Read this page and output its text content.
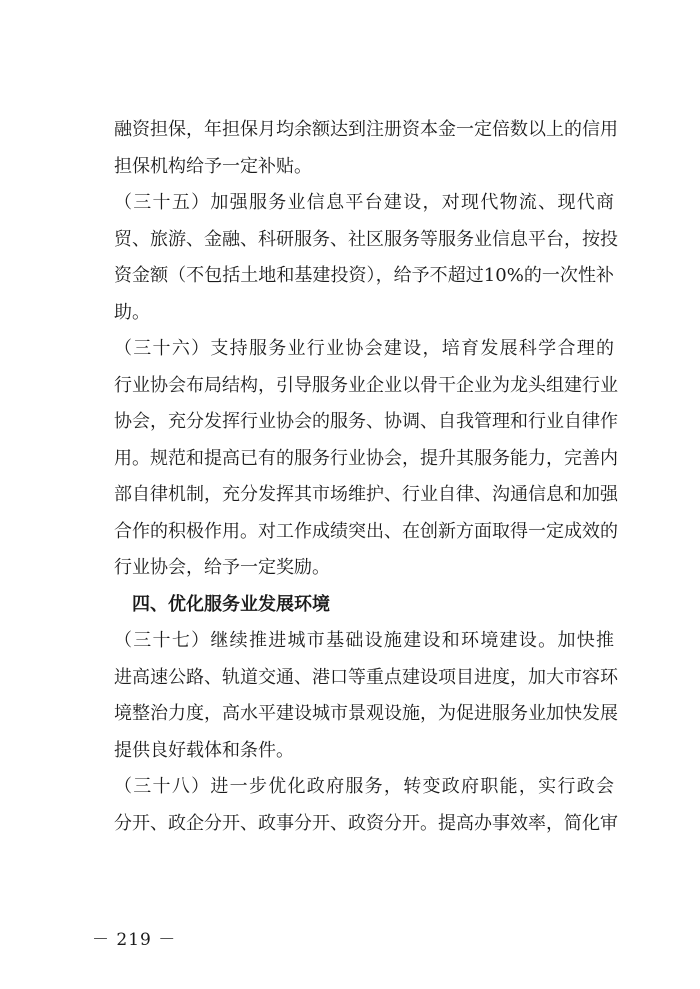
融资担保，年担保月均余额达到注册资本金一定倍数以上的信用
担保机构给予一定补贴。
（三十五）加强服务业信息平台建设，对现代物流、现代商
贸、旅游、金融、科研服务、社区服务等服务业信息平台，按投
资金额（不包括土地和基建投资），给予不超过10%的一次性补
助。
（三十六）支持服务业行业协会建设，培育发展科学合理的
行业协会布局结构，引导服务业企业以骨干企业为龙头组建行业
协会，充分发挥行业协会的服务、协调、自我管理和行业自律作
用。规范和提高已有的服务行业协会，提升其服务能力，完善内
部自律机制，充分发挥其市场维护、行业自律、沟通信息和加强
合作的积极作用。对工作成绩突出、在创新方面取得一定成效的
行业协会，给予一定奖励。
四、优化服务业发展环境
（三十七）继续推进城市基础设施建设和环境建设。加快推
进高速公路、轨道交通、港口等重点建设项目进度，加大市容环
境整治力度，高水平建设城市景观设施，为促进服务业加快发展
提供良好载体和条件。
（三十八）进一步优化政府服务，转变政府职能，实行政会
分开、政企分开、政事分开、政资分开。提高办事效率，简化审
－ 219 －
